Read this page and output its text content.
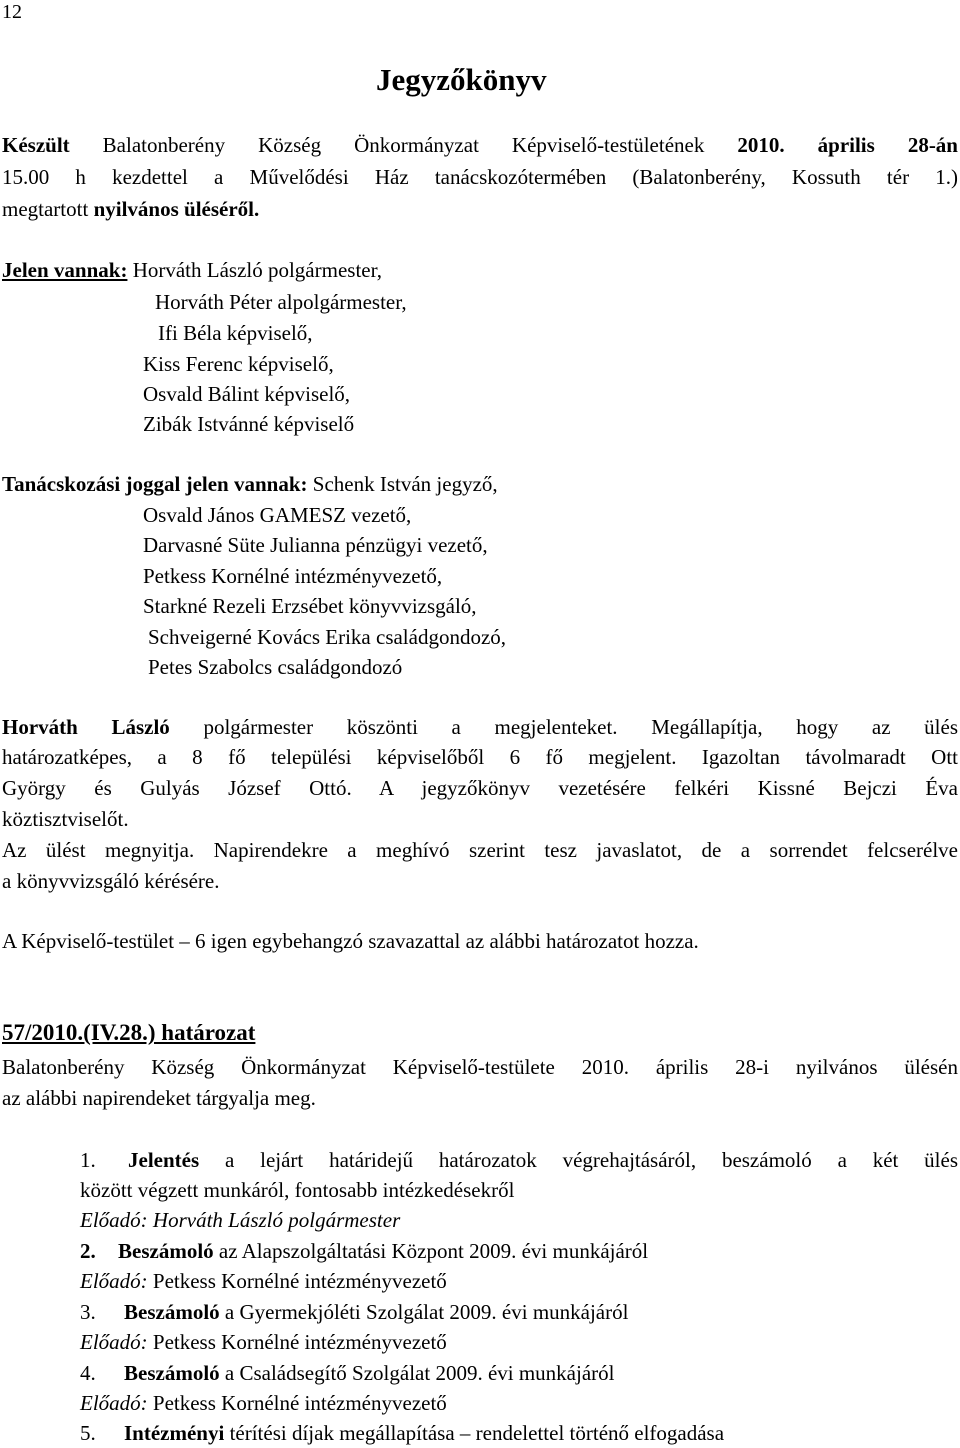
12
Jegyzőkönyv
Készült Balatonberény Község Önkormányzat Képviselő-testületének 2010. április 28-án
15.00 h kezdettel a Művelődési Ház tanácskozótermében (Balatonberény, Kossuth tér 1.)
megtartott nyilvános üléséről.
Jelen vannak: Horváth László polgármester,
Horváth Péter alpolgármester,
Ifi Béla képviselő,
Kiss Ferenc képviselő,
Osvald Bálint képviselő,
Zibák Istvánné képviselő
Tanácskozási joggal jelen vannak: Schenk István jegyző,
Osvald János GAMESZ vezető,
Darvasné Süte Julianna pénzügyi vezető,
Petkess Kornélné intézményvezető,
Starkné Rezeli Erzsébet könyvvizsgáló,
Schveigerné Kovács Erika családgondozó,
Petes Szabolcs családgondozó
Horváth László polgármester köszönti a megjelenteket. Megállapítja, hogy az ülés
határozatképes, a 8 fő települési képviselőből 6 fő megjelent. Igazoltan távolmaradt Ott
György és Gulyás József Ottó. A jegyzőkönyv vezetésére felkéri Kissné Bejczi Éva
köztisztviselőt.
Az ülést megnyitja. Napirendekre a meghívó szerint tesz javaslatot, de a sorrendet felcserélve
a könyvvizsgáló kérésére.
A Képviselő-testület – 6 igen egybehangzó szavazattal az alábbi határozatot hozza.
57/2010.(IV.28.) határozat
Balatonberény Község Önkormányzat Képviselő-testülete 2010. április 28-i nyilvános ülésén
az alábbi napirendeket tárgyalja meg.
1. Jelentés a lejárt határidejű határozatok végrehajtásáról, beszámoló a két ülés
között végzett munkáról, fontosabb intézkedésekről
Előadó: Horváth László polgármester
2. Beszámoló az Alapszolgáltatási Központ 2009. évi munkájáról
Előadó: Petkess Kornélné intézményvezető
3. Beszámoló a Gyermekjóléti Szolgálat 2009. évi munkájáról
Előadó: Petkess Kornélné intézményvezető
4. Beszámoló a Családsegítő Szolgálat 2009. évi munkájáról
Előadó: Petkess Kornélné intézményvezető
5. Intézményi térítési díjak megállapítása – rendelettel történő elfogadása
